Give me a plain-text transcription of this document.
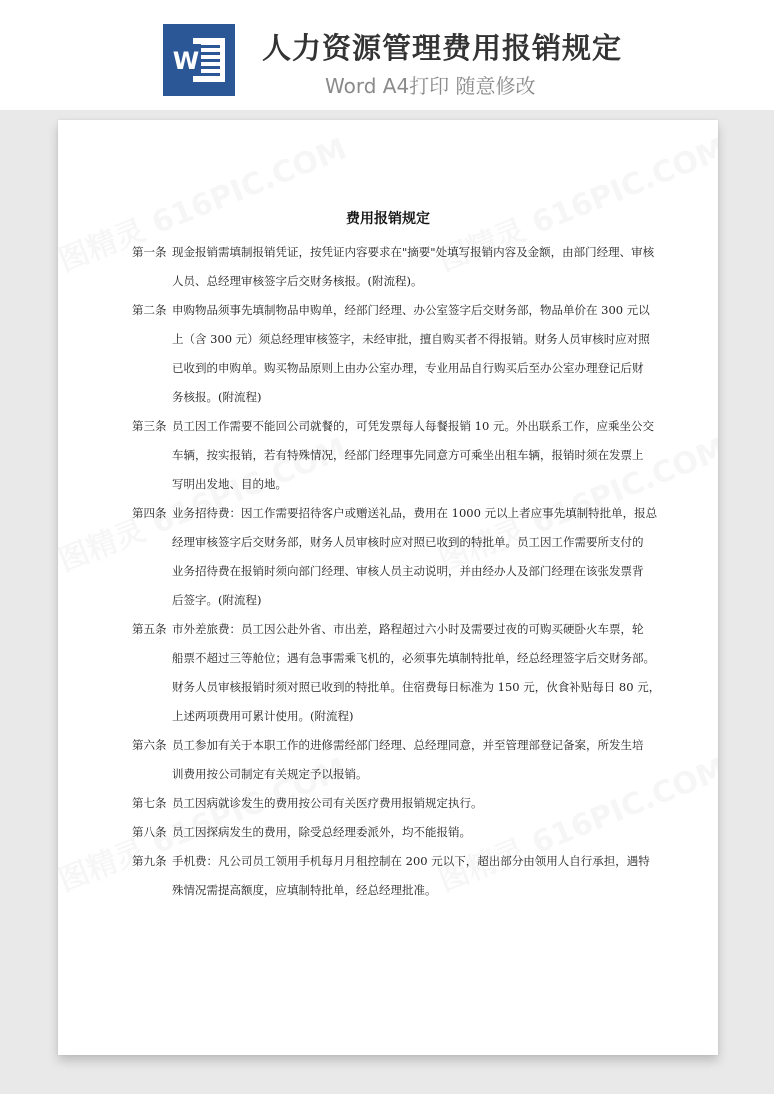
W 人力资源管理费用报销规定
Word A4打印 随意修改
费用报销规定
第一条 现金报销需填制报销凭证，按凭证内容要求在"摘要"处填写报销内容及金额，由部门经理、审核
人员、总经理审核签字后交财务核报。(附流程)。
第二条 申购物品须事先填制物品申购单，经部门经理、办公室签字后交财务部，物品单价在 300 元以
上（含 300 元）须总经理审核签字，未经审批，擅自购买者不得报销。财务人员审核时应对照
已收到的申购单。购买物品原则上由办公室办理，专业用品自行购买后至办公室办理登记后财
务核报。(附流程)
第三条 员工因工作需要不能回公司就餐的，可凭发票每人每餐报销 10 元。外出联系工作，应乘坐公交
车辆，按实报销，若有特殊情况，经部门经理事先同意方可乘坐出租车辆，报销时须在发票上
写明出发地、目的地。
第四条 业务招待费：因工作需要招待客户或赠送礼品，费用在 1000 元以上者应事先填制特批单，报总
经理审核签字后交财务部，财务人员审核时应对照已收到的特批单。员工因工作需要所支付的
业务招待费在报销时须向部门经理、审核人员主动说明，并由经办人及部门经理在该张发票背
后签字。(附流程)
第五条 市外差旅费：员工因公赴外省、市出差，路程超过六小时及需要过夜的可购买硬卧火车票，轮
船票不超过三等舱位；遇有急事需乘飞机的，必须事先填制特批单，经总经理签字后交财务部。
财务人员审核报销时须对照已收到的特批单。住宿费每日标准为 150 元，伙食补贴每日 80 元，
上述两项费用可累计使用。(附流程)
第六条 员工参加有关于本职工作的进修需经部门经理、总经理同意，并至管理部登记备案，所发生培
训费用按公司制定有关规定予以报销。
第七条 员工因病就诊发生的费用按公司有关医疗费用报销规定执行。
第八条 员工因探病发生的费用，除受总经理委派外，均不能报销。
第九条 手机费：凡公司员工领用手机每月月租控制在 200 元以下，超出部分由领用人自行承担，遇特
殊情况需提高额度，应填制特批单，经总经理批准。
